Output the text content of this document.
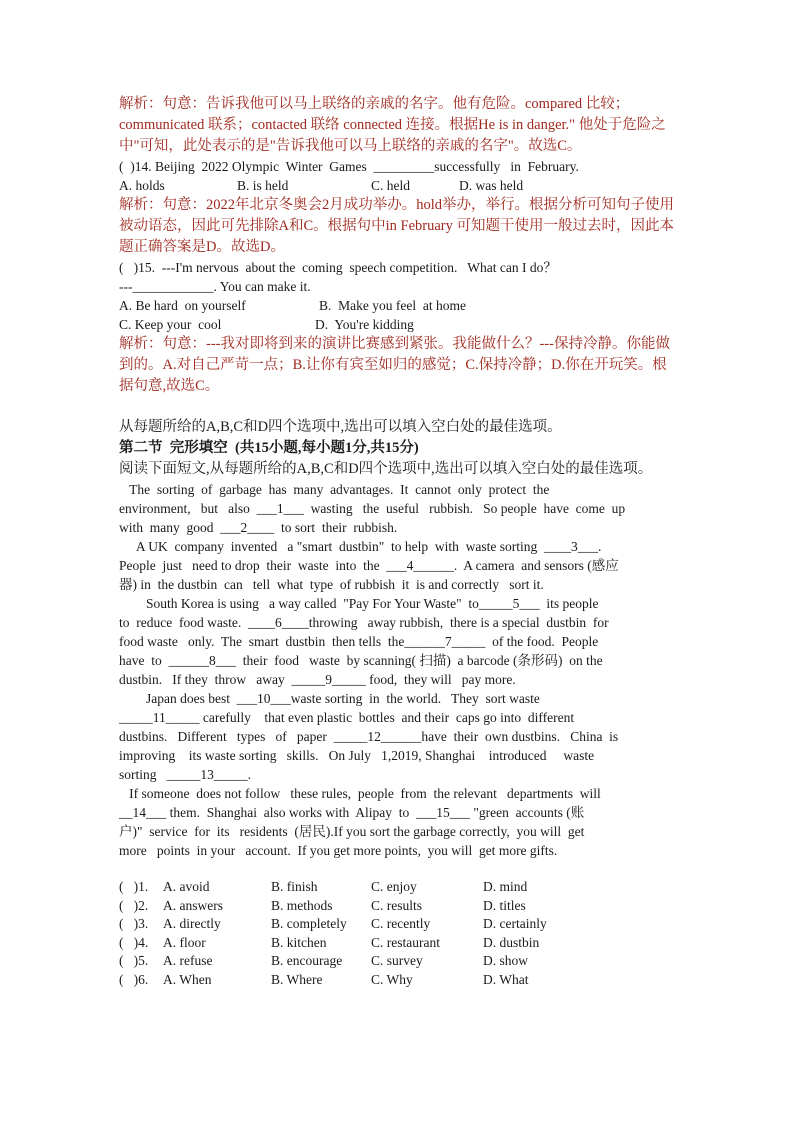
解析：句意：告诉我他可以马上联络的亲戚的名字。他有危险。compared 比较；communicated 联系；contacted 联络 connected 连接。根据He is in danger." 他处于危险之中"可知，此处表示的是"告诉我他可以马上联络的亲戚的名字"。故选C。

(  )14. Beijing  2022 Olympic  Winter  Games  _________successfully   in  February.
A. holds	B. is held	C. held	D. was held

解析：句意：2022年北京冬奥会2月成功举办。hold举办，举行。根据分析可知句子使用被动语态，因此可先排除A和C。根据句中in February 可知题干使用一般过去时，因此本题正确答案是D。故选D。

(   )15.  ---I'm nervous  about the  coming  speech competition.   What can I do？
---____________. You can make it.
A. Be hard  on yourself	B.  Make you feel  at home
C. Keep your  cool	D.  You're kidding

解析：句意：---我对即将到来的演讲比赛感到紧张。我能做什么？---保持冷静。你能做到的。A.对自己严苛一点；B.让你有宾至如归的感觉；C.保持冷静；D.你在开玩笑。根据句意,故选C。

从每题所给的A,B,C和D四个选项中,选出可以填入空白处的最佳选项。

第二节  完形填空  (共15小题,每小题1分,共15分)

阅读下面短文,从每题所给的A,B,C和D四个选项中,选出可以填入空白处的最佳选项。

The  sorting  of  garbage  has  many  advantages.  It  cannot  only  protect  the

environment,   but   also  ___1___  wasting   the  useful   rubbish.   So people  have  come  up

with  many  good  ___2____  to sort  their  rubbish.

A UK  company  invented   a "smart  dustbin"  to help  with  waste sorting  ____3___.

People  just   need to drop  their  waste  into  the  ___4______.  A camera  and sensors (感应

器) in  the dustbin  can   tell  what  type  of rubbish  it  is and correctly   sort it.

South Korea is using   a way called  "Pay For Your Waste"  to_____5___  its people

to  reduce  food waste.  ____6____throwing   away rubbish,  there is a special  dustbin  for

food waste   only.  The  smart  dustbin  then tells  the______7_____  of the food.  People

have  to  ______8___  their  food   waste  by scanning( 扫描)  a barcode (条形码)  on the

dustbin.   If they  throw   away  _____9_____ food,  they will   pay more.

Japan does best  ___10___waste sorting  in  the world.   They  sort waste

_____11_____ carefully    that even plastic  bottles  and their  caps go into  different

dustbins.   Different   types   of   paper  _____12______have  their  own dustbins.   China  is

improving    its waste sorting   skills.   On July   1,2019, Shanghai    introduced     waste

sorting   _____13_____.

If someone  does not follow   these rules,  people  from  the relevant   departments  will

__14___ them.  Shanghai  also works with  Alipay  to  ___15___ "green  accounts (账

户)"  service  for  its   residents  (居民).If you sort the garbage correctly,  you will  get

more   points  in your   account.  If you get more points,  you will  get more gifts.

(   )1.	A. avoid	B. finish	C. enjoy	D. mind
(   )2.	A. answers	B. methods	C. results	D. titles
(   )3.	A. directly	B. completely	C. recently	D. certainly
(   )4.	A. floor	B. kitchen	C. restaurant	D. dustbin
(   )5.	A. refuse	B. encourage	C. survey	D. show
(   )6.	A. When	B. Where	C. Why	D. What
